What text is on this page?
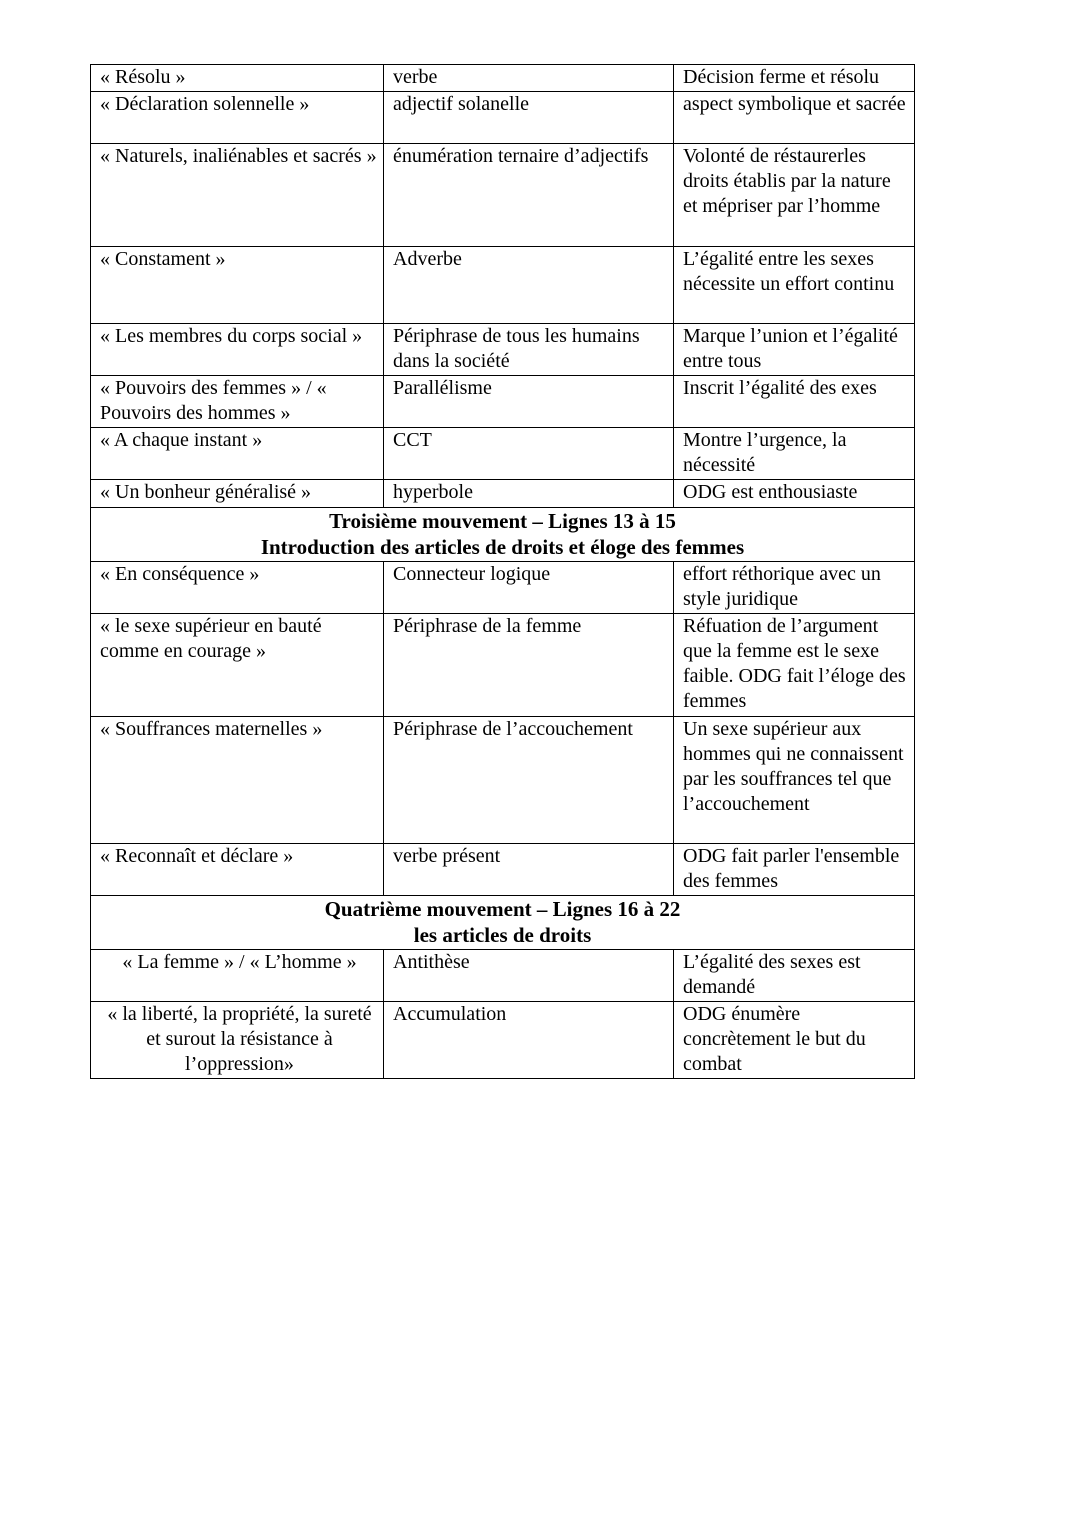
« Résolu »	verbe	Décision ferme et résolu
« Déclaration solennelle »	adjectif solanelle	aspect symbolique et sacrée
« Naturels, inaliénables et sacrés »	énumération ternaire d’adjectifs	Volonté de réstaurerles droits établis par la nature et mépriser par l’homme
« Constament »	Adverbe	L’égalité entre les sexes nécessite un effort continu
« Les membres du corps social »	Périphrase de tous les humains dans la société	Marque l’union et l’égalité entre tous
« Pouvoirs des femmes » / « Pouvoirs des hommes »	Parallélisme	Inscrit l’égalité des exes
« A chaque instant »	CCT	Montre l’urgence, la nécessité
« Un bonheur généralisé »	hyperbole	ODG est enthousiaste

Troisième mouvement – Lignes 13 à 15
Introduction des articles de droits et éloge des femmes		

« En conséquence »	Connecteur logique	effort réthorique avec un style juridique
« le sexe supérieur en bauté comme en courage »	Périphrase de la femme	Réfuation de l’argument que la femme est le sexe faible. ODG fait l’éloge des femmes
« Souffrances maternelles »	Périphrase de l’accouchement	Un sexe supérieur aux hommes qui ne connaissent par les souffrances tel que l’accouchement
« Reconnaît et déclare »	verbe présent	ODG fait parler l'ensemble des femmes

Quatrième mouvement – Lignes 16 à 22
les articles de droits		

« La femme » / « L’homme »	Antithèse	L’égalité des sexes est demandé
« la liberté, la propriété, la sureté et surout la résistance à l’oppression»	Accumulation	ODG énumère concrètement le but du combat
